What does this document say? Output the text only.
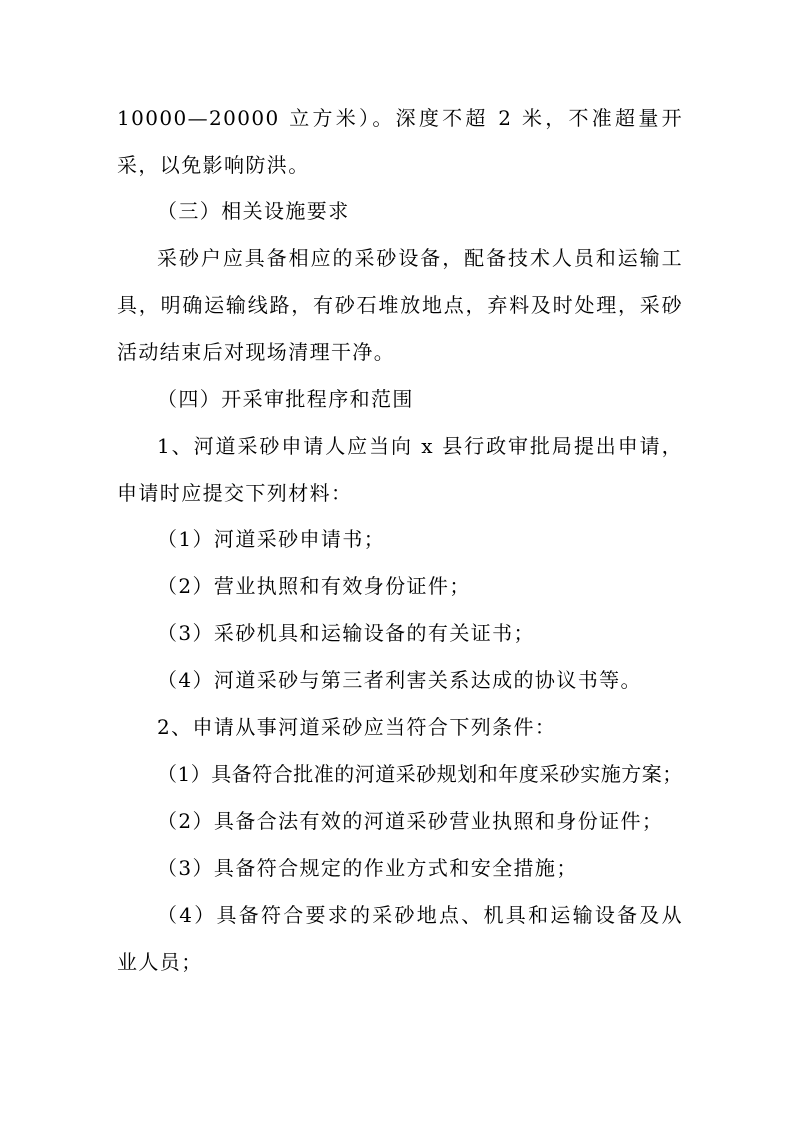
10000—20000 立方米）。深度不超 2 米，不准超量开采，以免影响防洪。

（三）相关设施要求

采砂户应具备相应的采砂设备，配备技术人员和运输工具，明确运输线路，有砂石堆放地点，弃料及时处理，采砂活动结束后对现场清理干净。

（四）开采审批程序和范围

1、河道采砂申请人应当向 x 县行政审批局提出申请，申请时应提交下列材料：

（1）河道采砂申请书；

（2）营业执照和有效身份证件；

（3）采砂机具和运输设备的有关证书；

（4）河道采砂与第三者利害关系达成的协议书等。

2、申请从事河道采砂应当符合下列条件：

（1）具备符合批准的河道采砂规划和年度采砂实施方案；

（2）具备合法有效的河道采砂营业执照和身份证件；

（3）具备符合规定的作业方式和安全措施；

（4）具备符合要求的采砂地点、机具和运输设备及从业人员；
